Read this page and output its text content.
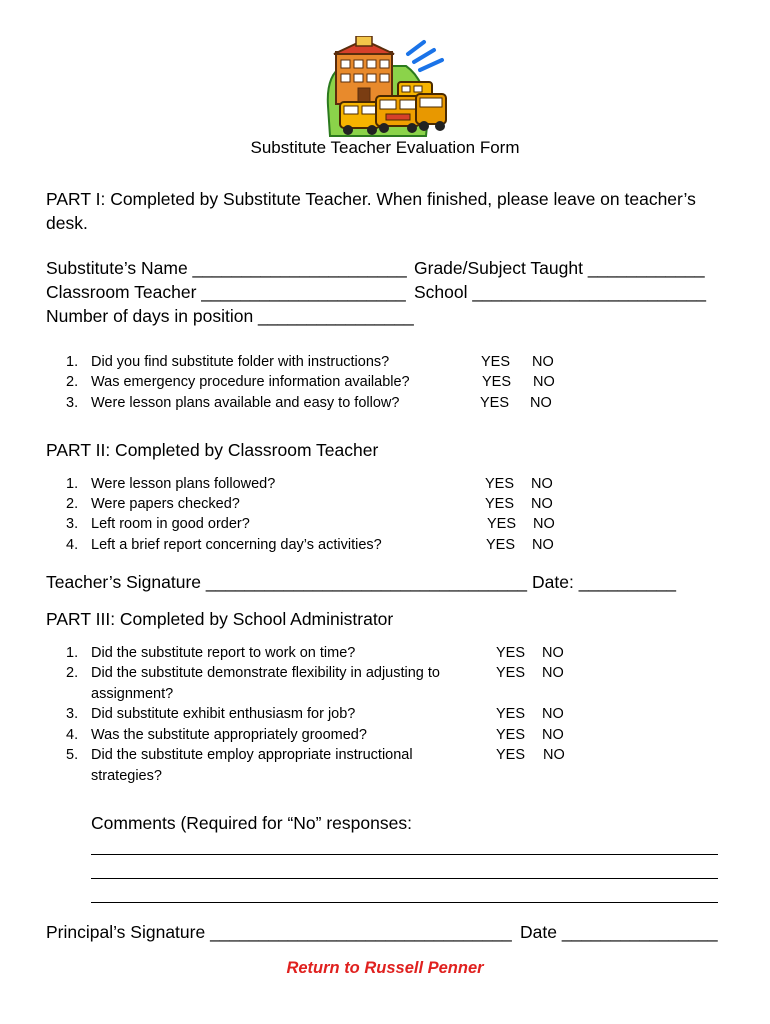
Substitute Teacher Evaluation Form
PART I: Completed by Substitute Teacher. When finished, please leave on teacher’s desk.
Substitute’s Name ______________________ Grade/Subject Taught ____________
Classroom Teacher _____________________ School ________________________
Number of days in position ________________
1. Did you find substitute folder with instructions?	YES NO
2. Was emergency procedure information available?	YES NO
3. Were lesson plans available and easy to follow?	YES NO
PART II: Completed by Classroom Teacher
1. Were lesson plans followed?	YES NO
2. Were papers checked?	YES NO
3. Left room in good order?	YES NO
4. Left a brief report concerning day’s activities?	YES NO
Teacher’s Signature _________________________________ Date: __________
PART III: Completed by School Administrator
1. Did the substitute report to work on time?	YES NO
2. Did the substitute demonstrate flexibility in adjusting to	YES NO
assignment?
3. Did substitute exhibit enthusiasm for job?	YES NO
4. Was the substitute appropriately groomed?	YES NO
5. Did the substitute employ appropriate instructional	YES NO
strategies?
Comments (Required for “No” responses:
Principal’s Signature _______________________________ Date ________________
Return to Russell Penner
